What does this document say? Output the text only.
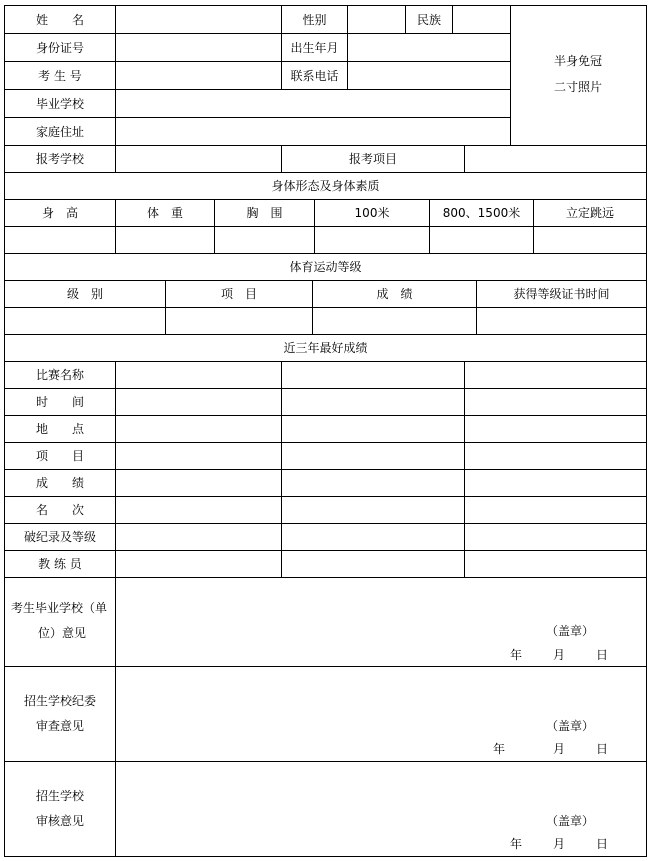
姓　　名	性别	民族
身份证号	出生年月
考 生 号	联系电话
毕业学校
家庭住址
半身免冠
二寸照片
报考学校	报考项目
身体形态及身体素质
身　高	体　重	胸　围	100米	800、1500米	立定跳远
体育运动等级
级　别	项　目	成　绩	获得等级证书时间
近三年最好成绩
比赛名称
时　　间
地　　点
项　　目
成　　绩
名　　次
破纪录及等级
教 练 员
考生毕业学校（单
位）意见	（盖章）
年	月	日
招生学校纪委
审查意见	（盖章）
年	月	日
招生学校
审核意见	（盖章）
年	月	日
